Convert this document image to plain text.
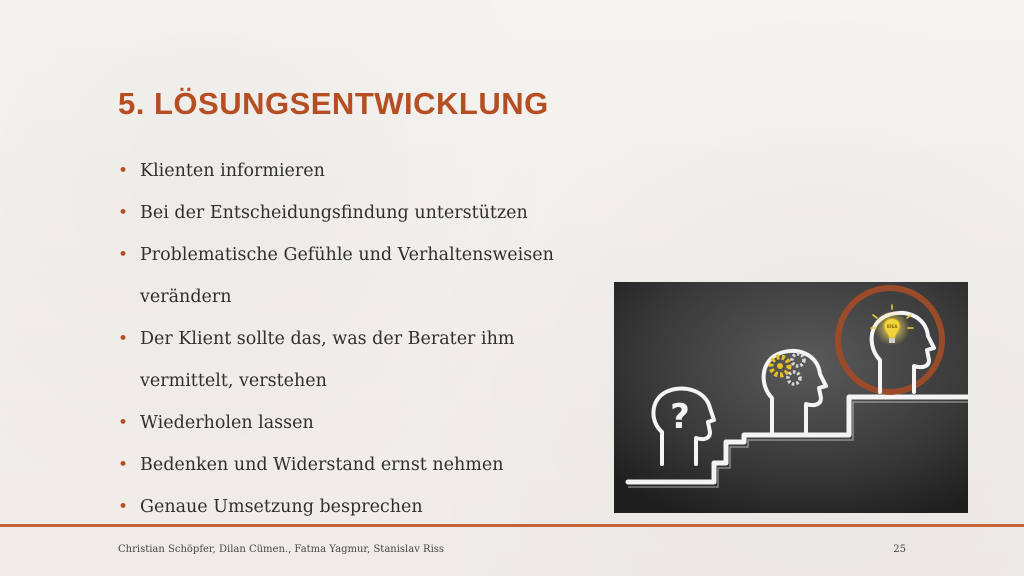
5. LÖSUNGSENTWICKLUNG
• Klienten informieren
• Bei der Entscheidungsfindung unterstützen
• Problematische Gefühle und Verhaltensweisen verändern
• Der Klient sollte das, was der Berater ihm
vermittelt, verstehen
• Wiederholen lassen
• Bedenken und Widerstand ernst nehmen
• Genaue Umsetzung besprechen
?
IDEA
Christian Schöpfer, Dilan Cümen., Fatma Yagmur, Stanislav Riss	25
